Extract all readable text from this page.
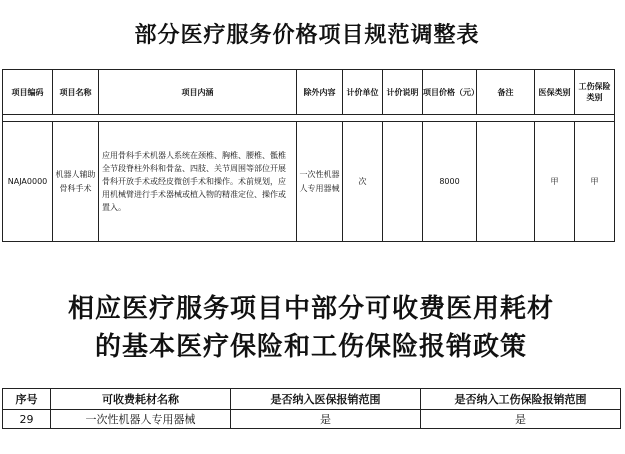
部分医疗服务价格项目规范调整表
项目编码	项目名称	项目内涵	除外内容	计价单位	计价说明	项目价格（元）	备注	医保类别	工伤保险类别

NAJA0000	机器人辅助骨科手术	应用骨科手术机器人系统在颈椎、胸椎、腰椎、骶椎全节段脊柱外科和骨盆、四肢、关节周围等部位开展骨科开放手术或经皮微创手术和操作。术前规划，应用机械臂进行手术器械或植入物的精准定位、操作或置入。	一次性机器人专用器械	次		8000		甲	甲
相应医疗服务项目中部分可收费医用耗材
的基本医疗保险和工伤保险报销政策
序号	可收费耗材名称	是否纳入医保报销范围	是否纳入工伤保险报销范围
29	一次性机器人专用器械	是	是
